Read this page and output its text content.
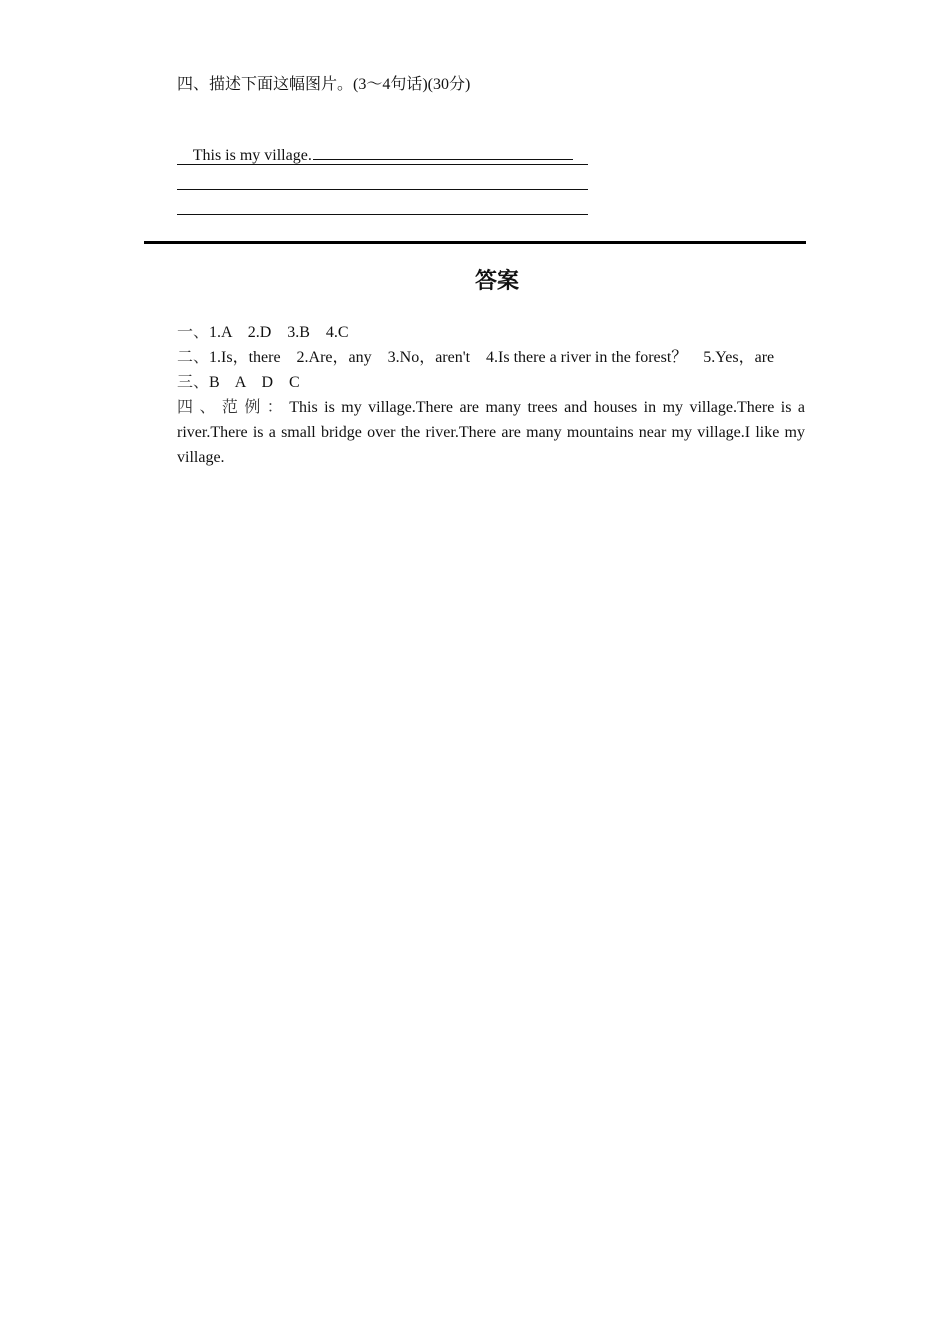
四、描述下面这幅图片。(3～4句话)(30分)

This is my village.

答案
一、1.A    2.D    3.B    4.C
二、1.Is，there    2.Are，any    3.No，aren't    4.Is there a river in the forest？    5.Yes，are
三、B    A    D    C
四、范例：This is my village.There are many trees and houses in my village.There is a river.There is a small bridge over the river.There are many mountains near my village.I like my village.
